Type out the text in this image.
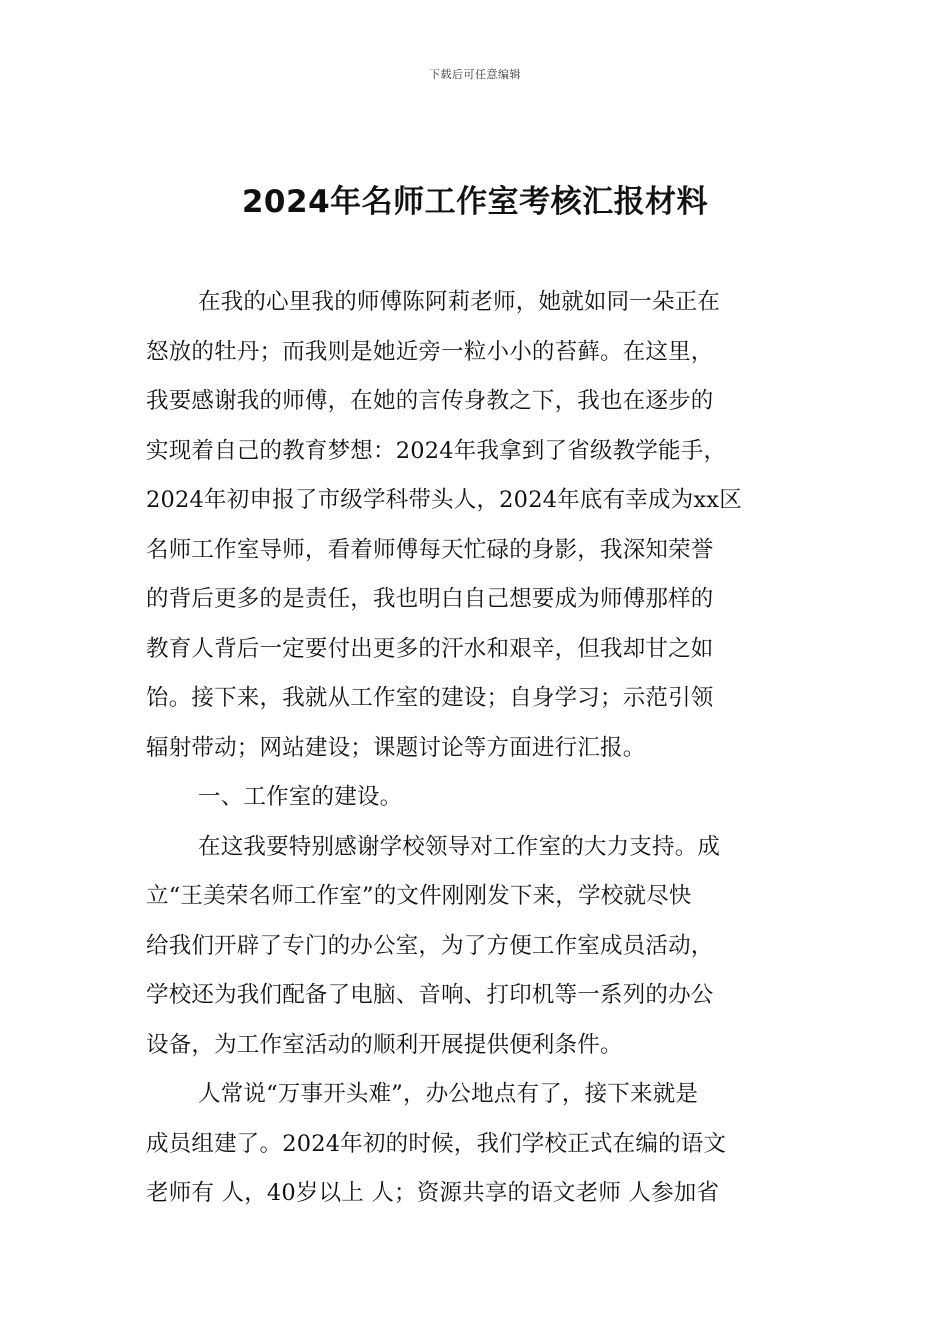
下载后可任意编辑
2024年名师工作室考核汇报材料
在我的心里我的师傅陈阿莉老师，她就如同一朵正在
怒放的牡丹；而我则是她近旁一粒小小的苔藓。在这里，
我要感谢我的师傅，在她的言传身教之下，我也在逐步的
实现着自己的教育梦想：2024年我拿到了省级教学能手，
2024年初申报了市级学科带头人，2024年底有幸成为xx区
名师工作室导师，看着师傅每天忙碌的身影，我深知荣誉
的背后更多的是责任，我也明白自己想要成为师傅那样的
教育人背后一定要付出更多的汗水和艰辛，但我却甘之如
饴。接下来，我就从工作室的建设；自身学习；示范引领
辐射带动；网站建设；课题讨论等方面进行汇报。
一、工作室的建设。
在这我要特别感谢学校领导对工作室的大力支持。成
立“王美荣名师工作室”的文件刚刚发下来，学校就尽快
给我们开辟了专门的办公室，为了方便工作室成员活动，
学校还为我们配备了电脑、音响、打印机等一系列的办公
设备，为工作室活动的顺利开展提供便利条件。
人常说“万事开头难”，办公地点有了，接下来就是
成员组建了。2024年初的时候，我们学校正式在编的语文
老师有 人，40岁以上 人；资源共享的语文老师 人参加省
